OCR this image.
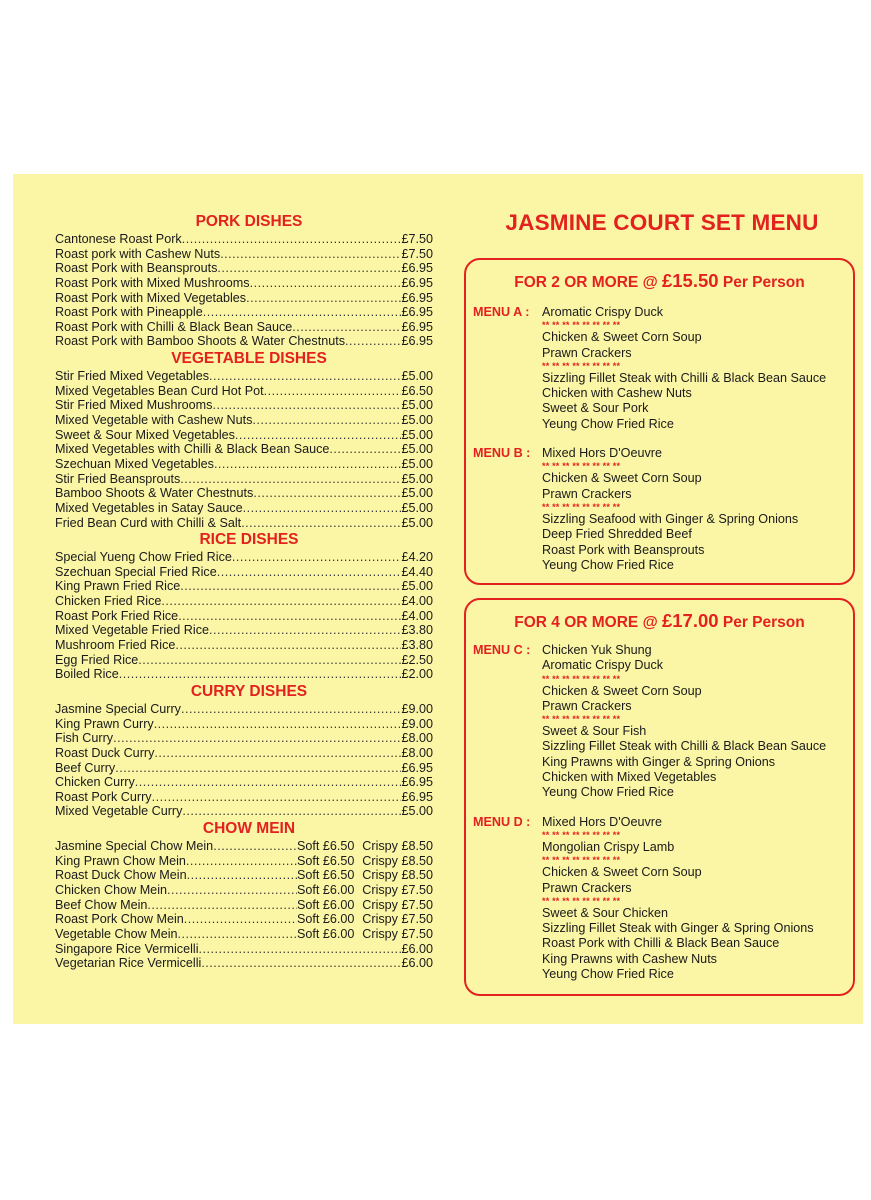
PORK DISHES
Cantonese Roast Pork .....	£7.50
Roast pork with Cashew Nuts .....	£7.50
Roast Pork with Beansprouts .....	£6.95
Roast Pork with Mixed Mushrooms .....	£6.95
Roast Pork with Mixed Vegetables .....	£6.95
Roast Pork with Pineapple .....	£6.95
Roast Pork with Chilli & Black Bean Sauce .....	£6.95
Roast Pork with Bamboo Shoots & Water Chestnuts .....	£6.95
VEGETABLE DISHES
Stir Fried Mixed Vegetables .....	£5.00
Mixed Vegetables Bean Curd Hot Pot .....	£6.50
Stir Fried Mixed Mushrooms .....	£5.00
Mixed Vegetable with Cashew Nuts .....	£5.00
Sweet & Sour Mixed Vegetables .....	£5.00
Mixed Vegetables with Chilli & Black Bean Sauce .....	£5.00
Szechuan Mixed Vegetables .....	£5.00
Stir Fried Beansprouts .....	£5.00
Bamboo Shoots & Water Chestnuts .....	£5.00
Mixed Vegetables in Satay Sauce .....	£5.00
Fried Bean Curd with Chilli & Salt .....	£5.00
RICE DISHES
Special Yueng Chow Fried Rice .....	£4.20
Szechuan Special Fried Rice .....	£4.40
King Prawn Fried Rice .....	£5.00
Chicken Fried Rice .....	£4.00
Roast Pork Fried Rice .....	£4.00
Mixed Vegetable Fried Rice .....	£3.80
Mushroom Fried Rice .....	£3.80
Egg Fried Rice .....	£2.50
Boiled Rice .....	£2.00
CURRY DISHES
Jasmine Special Curry .....	£9.00
King Prawn Curry .....	£9.00
Fish Curry .....	£8.00
Roast Duck Curry .....	£8.00
Beef Curry .....	£6.95
Chicken Curry .....	£6.95
Roast Pork Curry .....	£6.95
Mixed Vegetable Curry .....	£5.00
CHOW MEIN
Jasmine Special Chow Mein .....	Soft £6.50 Crispy £8.50
King Prawn Chow Mein .....	Soft £6.50 Crispy £8.50
Roast Duck Chow Mein .....	Soft £6.50 Crispy £8.50
Chicken Chow Mein .....	Soft £6.00 Crispy £7.50
Beef Chow Mein .....	Soft £6.00 Crispy £7.50
Roast Pork Chow Mein .....	Soft £6.00 Crispy £7.50
Vegetable Chow Mein .....	Soft £6.00 Crispy £7.50
Singapore Rice Vermicelli .....	£6.00
Vegetarian Rice Vermicelli .....	£6.00
JASMINE COURT SET MENU
FOR 2 OR MORE @ £15.50 Per Person
MENU A : Aromatic Crispy Duck
** ** ** ** ** ** ** **
Chicken & Sweet Corn Soup
Prawn Crackers
** ** ** ** ** ** ** **
Sizzling Fillet Steak with Chilli & Black Bean Sauce
Chicken with Cashew Nuts
Sweet & Sour Pork
Yeung Chow Fried Rice
MENU B : Mixed Hors D'Oeuvre
** ** ** ** ** ** ** **
Chicken & Sweet Corn Soup
Prawn Crackers
** ** ** ** ** ** ** **
Sizzling Seafood with Ginger & Spring Onions
Deep Fried Shredded Beef
Roast Pork with Beansprouts
Yeung Chow Fried Rice
FOR 4 OR MORE @ £17.00 Per Person
MENU C : Chicken Yuk Shung
Aromatic Crispy Duck
** ** ** ** ** ** ** **
Chicken & Sweet Corn Soup
Prawn Crackers
** ** ** ** ** ** ** **
Sweet & Sour Fish
Sizzling Fillet Steak with Chilli & Black Bean Sauce
King Prawns with Ginger & Spring Onions
Chicken with Mixed Vegetables
Yeung Chow Fried Rice
MENU D : Mixed Hors D'Oeuvre
** ** ** ** ** ** ** **
Mongolian Crispy Lamb
** ** ** ** ** ** ** **
Chicken & Sweet Corn Soup
Prawn Crackers
** ** ** ** ** ** ** **
Sweet & Sour Chicken
Sizzling Fillet Steak with Ginger & Spring Onions
Roast Pork with Chilli & Black Bean Sauce
King Prawns with Cashew Nuts
Yeung Chow Fried Rice
